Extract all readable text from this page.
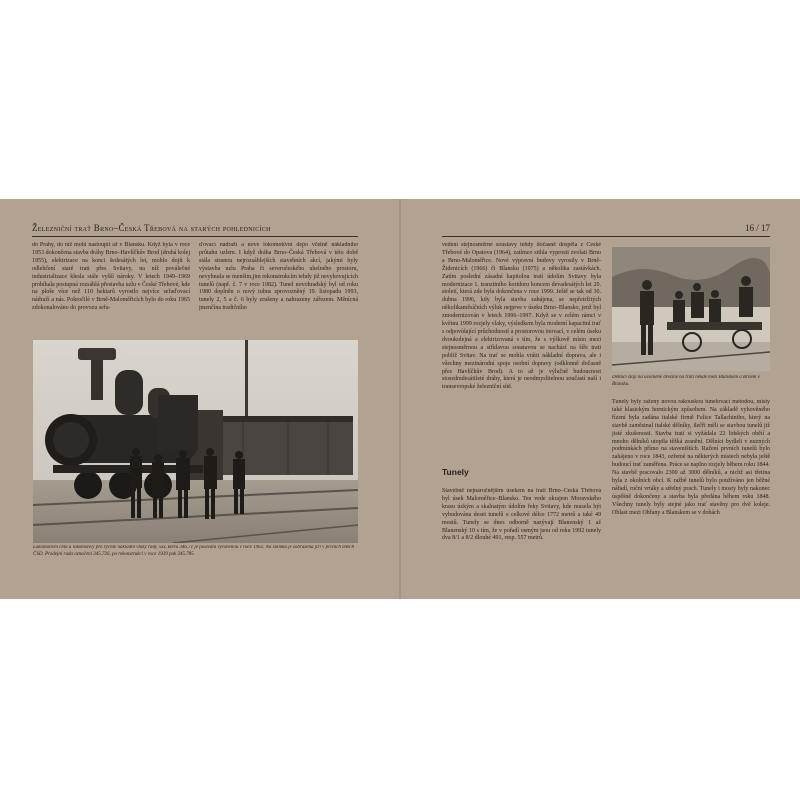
Železniční trať Brno–Česká Třebová na starých pohlednicích	16 / 17

do Prahy, do níž mohl nastoupit až v Blansku. Když byla v roce 1953 dokončena stavba dráhy Brno–Havlíčkův Brod (druhá kolej 1955), elektrizace na konci šedesátých let, mohlo dojít k odlehčení staré trati přes Svitavy, na níž poválečné industrializace klesla stále vyšší nároky. V letech 1949–1969 probíhala postupná rozsáhlá přestavba uzlu v České Třebové, kde na ploše více než 110 hektarů vyrostlo nejvíce seřaďovací nádraží a nás. Pokročilé v Brně-Maloměřicích bylo do roku 1965 zdokonalováno do provozu seřa-

ďovací nádraží a nové lokomotivní depo včetně nákladního průtahu uzlem. I když dráha Brno–Česká Třebová v této době stála stranou nejrozsáhlejších stavebních akcí, jakými byly výstavba uzlu Praha či severočeského uhelného prostoru, nevyhnula se menším,jim rekonstrukcím tehdy již nevyhovujících tunelů (např. č. 7 v roce 1982). Tunel novohradský byl od roku 1980 doplněn o nový tubus zprovozněný 19. listopadu 1993, tunely 2, 5 a č. 6 byly zrušeny a nahrazeny zářezem. Měnícná jmenčína tradičního

Lokomotivní četa u lokomotivy pro rychlé nákladní vlaky řady 5xx, která 346.71 je poslední vyrobenou v roce 1962. Na snímku je zobrazena jiří v prvních letech ČSD. Prodejní ruda označení 345.726, po rekonstrukcí v roce 1939 pak 345.785.

vedení stejnosměrné soustavy tehdy dočasně dospěla z České Třebové do Opatova (1964), zatímco stihla vyprosti zvolati Brno a Brno-Maloměřice. Nové výpravní budovy vyrostly v Brně-Židenicích (1966) či Blansku (1975) a několika zastávkách. Zatím poslední zásadní kapitolou tratí údolím Svitavy byla modernizace 1. tranzitního koridoru koncem devadesátých let 20. století, která zde byla dokončena v roce 1999. Ještě se tak od 30. dubna 1996, kdy byla stavba zahájena, se nepřetržitých několikaměsíčních výluk nejprve v úseku Brno–Blansko, jenž byl zmodernizován v letech 1996–1997. Když se v celém rámci v květnu 1999 rozjely vlaky, výsledkem byla moderní kapacitní trať s odpovídající průchodností a prostorovou inovací, v celém úseku dvoukolejná a elektrizovaná s tím, že s výškově místo mezi stejnosměrnou a střídavou soustavou se nachází na šíře trati pobliž Svitav. Na trať se mohla vrátit nákladní doprava, ale i všechny mezinárodní spoje osobní dopravy (odklonně dočasně přes Havlíčkův Brod). A to až je výlučně budoucnost stosedmdesátileté dráhy, která je neodmyslitelnou součástí naší i transevropské železniční sítě.

Tunely

Stavebně nejnáročnějším úsekem na trati Brno–Česká Třebová byl úsek Maloměřice–Blansko. Ten vede okrajem Moravského krasu úzkým a skalnatým údolím řeky Svitavy, kde musela být vybudována deset tunelů o celkové délce 1772 metrů a také 49 mostů. Tunely se dnes odborně nazývají Blanenský 1 až Blanenský 10 s tím, že v pořadí osmým jsou od roku 1992 tunely dva 8/1 a 8/2 dlouhé 491, resp. 557 metrů.

Dělníci stojí na uvolněné drezíně na trati někde mezi Blanskem a Brnem v Blansku.

Tunely byly raženy novou rakouskou tunelovací metodou, místy také klasickým hornickým způsobem. Na základě vyhověného řízení byla zadána italské firmě Felice Tallachiniho, který na stavbě zaměstnal italské dělníky, ilečři měli se stavbou tunelů již jisté zkušenosti. Stavba tratí si vyžádala 22 lidských obětí a mnoho dělníků utopila těžká zranění. Dělníci bydleli v nuzných podmínkách přímo na staveništích. Ražení prvních tunelů bylo zahájeno v roce 1843, ozřemé na některých místech nebyla ještě budoucí trať zaměřena. Práce se naplno rozjely během roku 1844. Na stavbě pracovalo 2300 až 3000 dělníků, a nichž asi třetina byla z okolních obcí. K ražbě tunelů bylo používáno jen běžné nářadí, ruční vrtáky a střelný prach. Tunely i mosty byly nakonec úspěšně dokončeny a stavba byla předána během roku 1848. Všechny tunely byly stejné jako trať stavěny pro dvě koleje. Oblast mezi Obřany a Blanskem se v dobách
